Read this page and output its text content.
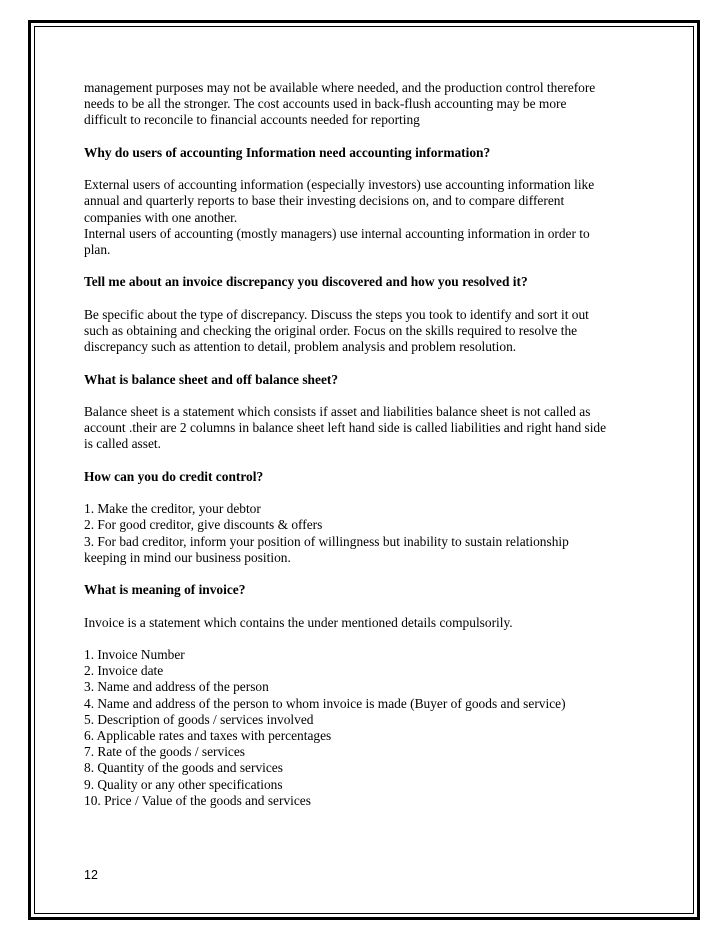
management purposes may not be available where needed, and the production control therefore
needs to be all the stronger. The cost accounts used in back-flush accounting may be more
difficult to reconcile to financial accounts needed for reporting

Why do users of accounting Information need accounting information?

External users of accounting information (especially investors) use accounting information like
annual and quarterly reports to base their investing decisions on, and to compare different
companies with one another.
Internal users of accounting (mostly managers) use internal accounting information in order to
plan.

Tell me about an invoice discrepancy you discovered and how you resolved it?

Be specific about the type of discrepancy. Discuss the steps you took to identify and sort it out
such as obtaining and checking the original order. Focus on the skills required to resolve the
discrepancy such as attention to detail, problem analysis and problem resolution.

What is balance sheet and off balance sheet?

Balance sheet is a statement which consists if asset and liabilities balance sheet is not called as
account .their are 2 columns in balance sheet left hand side is called liabilities and right hand side
is called asset.

How can you do credit control?

1. Make the creditor, your debtor
2. For good creditor, give discounts & offers
3. For bad creditor, inform your position of willingness but inability to sustain relationship
keeping in mind our business position.

What is meaning of invoice?

Invoice is a statement which contains the under mentioned details compulsorily.

1. Invoice Number
2. Invoice date
3. Name and address of the person
4. Name and address of the person to whom invoice is made (Buyer of goods and service)
5. Description of goods / services involved
6. Applicable rates and taxes with percentages
7. Rate of the goods / services
8. Quantity of the goods and services
9. Quality or any other specifications
10. Price / Value of the goods and services

12
